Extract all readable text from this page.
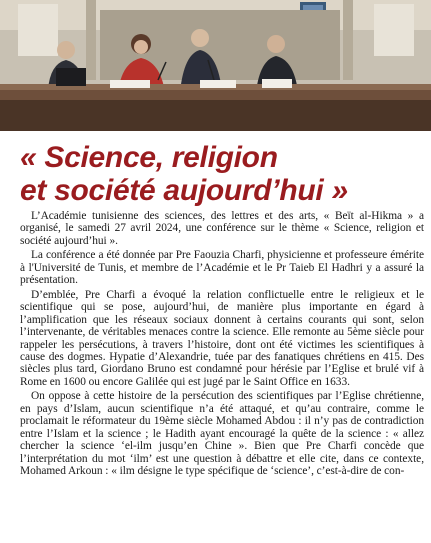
« Science, religion
et société aujourd’hui »

L’Académie tunisienne des sciences, des lettres et des arts, « Beït al-Hikma » a organisé, le samedi 27 avril 2024, une conférence sur le thème « Science, religion et société aujourd’hui ».

La conférence a été donnée par Pre Faouzia Charfi, physicienne et professeure émérite à l'Université de Tunis, et membre de l’Académie et le Pr Taieb El Hadhri y a assuré la présentation.

D’emblée, Pre Charfi a évoqué la relation conflictuelle entre le religieux et le scientifique qui se pose, aujourd’hui, de manière plus importante en égard à l’amplification que les réseaux sociaux donnent à certains courants qui sont, selon l’intervenante, de véritables menaces contre la science. Elle remonte au 5ème siècle pour rappeler les persécutions, à travers l’histoire, dont ont été victimes les scientifiques à cause des dogmes. Hypatie d’Alexandrie, tuée par des fanatiques chrétiens en 415. Des siècles plus tard, Giordano Bruno est condamné pour hérésie par l’Eglise et brulé vif à Rome en 1600 ou encore Galilée qui est jugé par le Saint Office en 1633.

On oppose à cette histoire de la persécution des scientifiques par l’Eglise chrétienne, en pays d’Islam, aucun scientifique n’a été attaqué, et qu’au contraire, comme le proclamait le réformateur du 19ème siècle Mohamed Abdou : il n’y pas de contradiction entre l’Islam et la science ; le Hadith ayant encouragé la quête de la science : « allez chercher la science ‘el-ilm jusqu’en Chine ». Bien que Pre Charfi concède que l’interprétation du mot ‘ilm’ est une question à débattre et elle cite, dans ce contexte, Mohamed Arkoun : « ilm désigne le type spécifique de ‘science’, c’est-à-dire de con-
